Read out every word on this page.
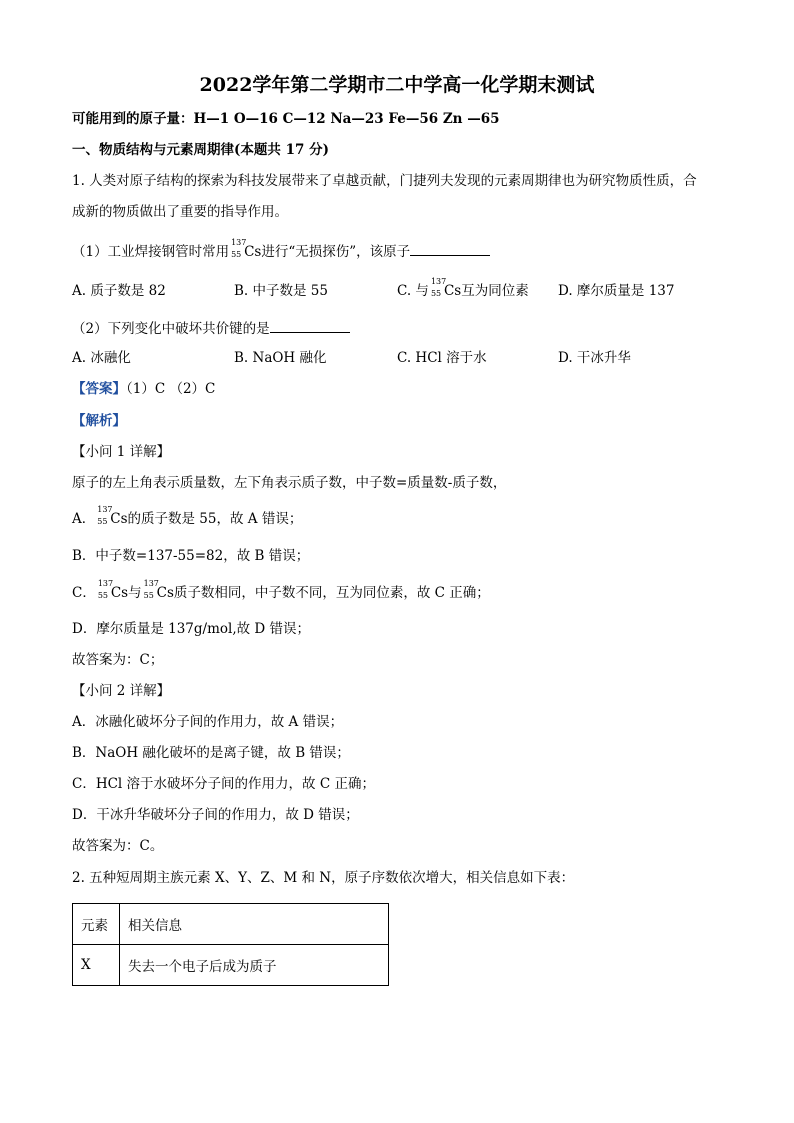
2022学年第二学期市二中学高一化学期末测试
可能用到的原子量：H—1 O—16 C—12 Na—23 Fe—56 Zn —65
一、物质结构与元素周期律(本题共 17 分)
1. 人类对原子结构的探索为科技发展带来了卓越贡献，门捷列夫发现的元素周期律也为研究物质性质，合
成新的物质做出了重要的指导作用。
（1）工业焊接钢管时常用
137
55 Cs进行“无损探伤”，该原子
A. 质子数是 82	B. 中子数是 55	C. 与
137
55 Cs互为同位素 D. 摩尔质量是 137
（2）下列变化中破坏共价键的是
A. 冰融化	B. NaOH 融化	C. HCl 溶于水	D. 干冰升华
【答案】（1）C （2）C
【解析】
【小问 1 详解】
原子的左上角表示质量数，左下角表示质子数，中子数=质量数-质子数，
A．
137
55 Cs的质子数是 55，故 A 错误；
B．中子数=137-55=82，故 B 错误；
C．
137
55 Cs与
137
55 Cs质子数相同，中子数不同，互为同位素，故 C 正确；
D．摩尔质量是 137g/mol,故 D 错误；
故答案为：C；
【小问 2 详解】
A．冰融化破坏分子间的作用力，故 A 错误；
B．NaOH 融化破坏的是离子键，故 B 错误；
C．HCl 溶于水破坏分子间的作用力，故 C 正确；
D．干冰升华破坏分子间的作用力，故 D 错误；
故答案为：C。
2. 五种短周期主族元素 X、Y、Z、M 和 N，原子序数依次增大，相关信息如下表：
元素	相关信息
X	失去一个电子后成为质子
